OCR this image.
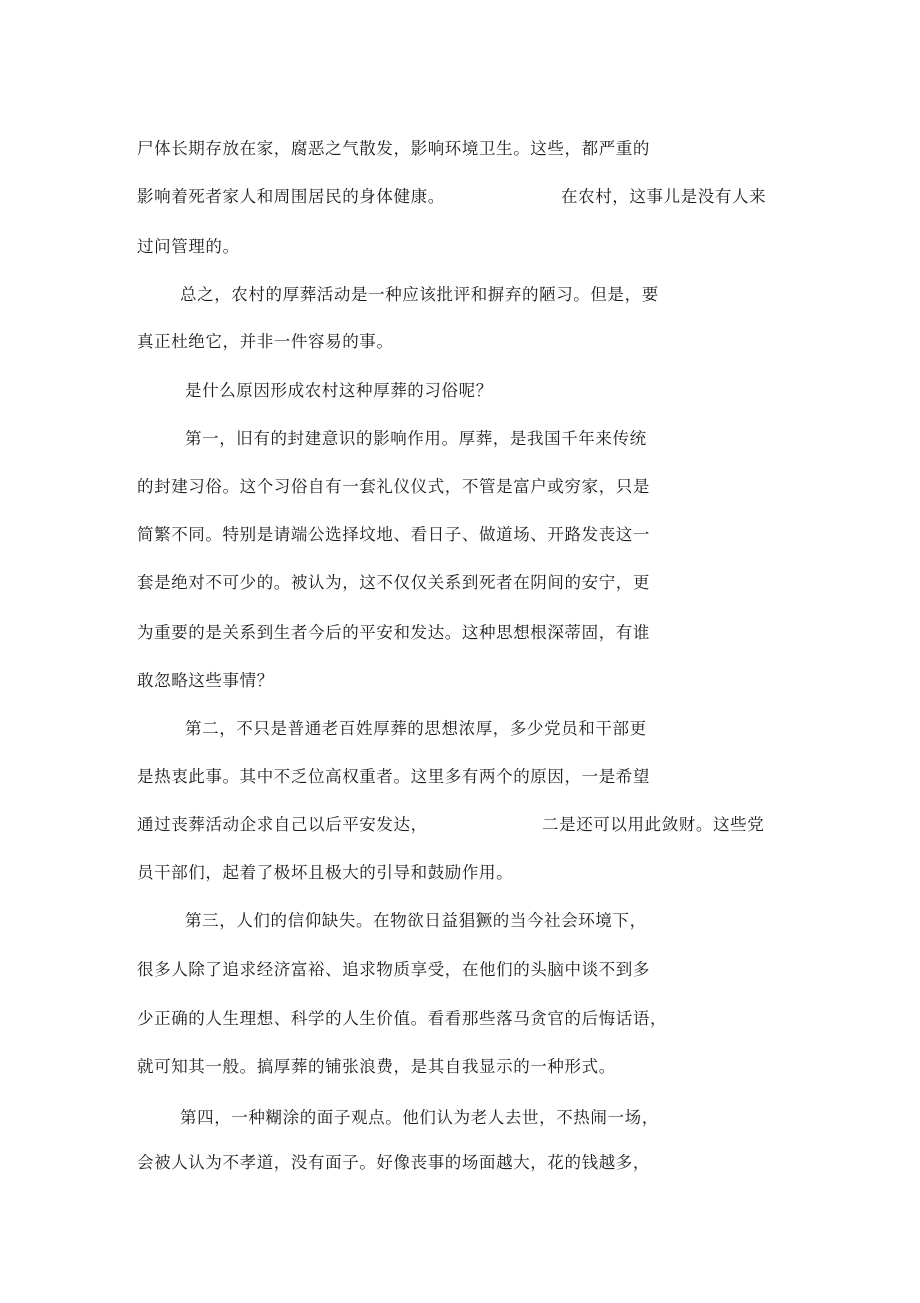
尸体长期存放在家，腐恶之气散发，影响环境卫生。这些，都严重的
影响着死者家人和周围居民的身体健康。	在农村，这事儿是没有人来
过问管理的。
总之，农村的厚葬活动是一种应该批评和摒弃的陋习。但是，要
真正杜绝它，并非一件容易的事。
是什么原因形成农村这种厚葬的习俗呢？
第一，旧有的封建意识的影响作用。厚葬，是我国千年来传统
的封建习俗。这个习俗自有一套礼仪仪式，不管是富户或穷家，只是
简繁不同。特别是请端公选择坟地、看日子、做道场、开路发丧这一
套是绝对不可少的。被认为，这不仅仅关系到死者在阴间的安宁，更
为重要的是关系到生者今后的平安和发达。这种思想根深蒂固，有谁
敢忽略这些事情？
第二，不只是普通老百姓厚葬的思想浓厚，多少党员和干部更
是热衷此事。其中不乏位高权重者。这里多有两个的原因，一是希望
通过丧葬活动企求自己以后平安发达，	二是还可以用此敛财。这些党
员干部们，起着了极坏且极大的引导和鼓励作用。
第三，人们的信仰缺失。在物欲日益猖獗的当今社会环境下，
很多人除了追求经济富裕、追求物质享受，在他们的头脑中谈不到多
少正确的人生理想、科学的人生价值。看看那些落马贪官的后悔话语，
就可知其一般。搞厚葬的铺张浪费，是其自我显示的一种形式。
第四，一种糊涂的面子观点。他们认为老人去世，不热闹一场，
会被人认为不孝道，没有面子。好像丧事的场面越大，花的钱越多，
